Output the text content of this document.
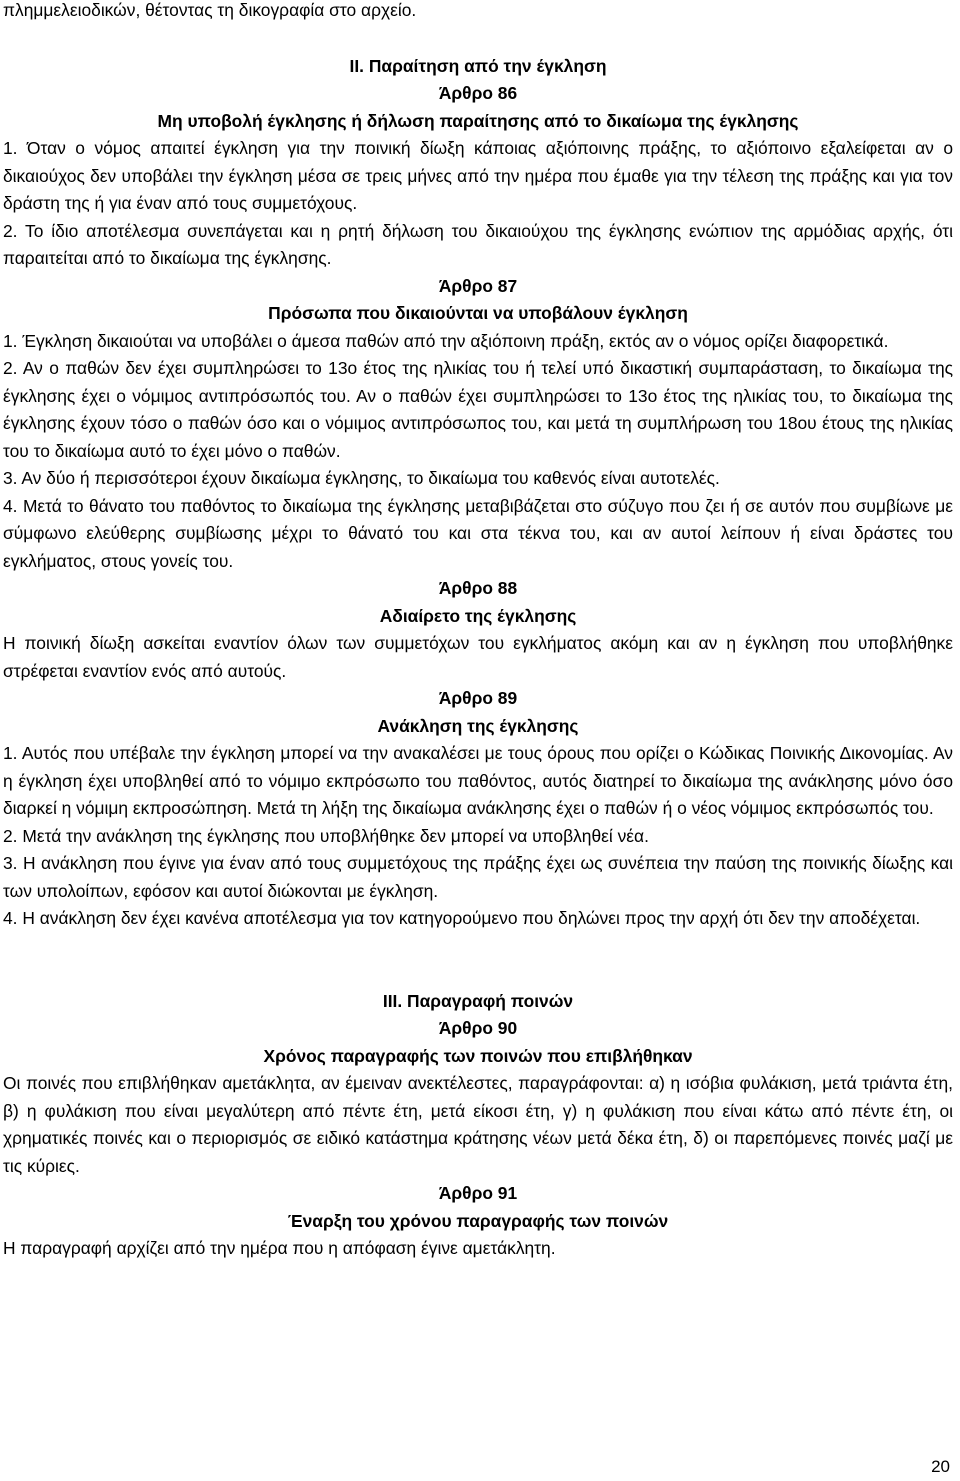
πλημμελειοδικών, θέτοντας τη δικογραφία στο αρχείο.

ΙΙ. Παραίτηση από την έγκληση

Άρθρο 86

Μη υποβολή έγκλησης ή δήλωση παραίτησης από το δικαίωμα της έγκλησης

1. Όταν ο νόμος απαιτεί έγκληση για την ποινική δίωξη κάποιας αξιόποινης πράξης, το αξιόποινο εξαλείφεται αν ο δικαιούχος δεν υποβάλει την έγκληση μέσα σε τρεις μήνες από την ημέρα που έμαθε για την τέλεση της πράξης και για τον δράστη της ή για έναν από τους συμμετόχους.

2. Το ίδιο αποτέλεσμα συνεπάγεται και η ρητή δήλωση του δικαιούχου της έγκλησης ενώπιον της αρμόδιας αρχής, ότι παραιτείται από το δικαίωμα της έγκλησης.

Άρθρο 87

Πρόσωπα που δικαιούνται να υποβάλουν έγκληση

1. Έγκληση δικαιούται να υποβάλει ο άμεσα παθών από την αξιόποινη πράξη, εκτός αν ο νόμος ορίζει διαφορετικά.

2. Αν ο παθών δεν έχει συμπληρώσει το 13ο έτος της ηλικίας του ή τελεί υπό δικαστική συμπαράσταση, το δικαίωμα της έγκλησης έχει ο νόμιμος αντιπρόσωπός του. Αν ο παθών έχει συμπληρώσει το 13ο έτος της ηλικίας του, το δικαίωμα της έγκλησης έχουν τόσο ο παθών όσο και ο νόμιμος αντιπρόσωπος του, και μετά τη συμπλήρωση του 18ου έτους της ηλικίας του το δικαίωμα αυτό το έχει μόνο ο παθών.

3. Αν δύο ή περισσότεροι έχουν δικαίωμα έγκλησης, το δικαίωμα του καθενός είναι αυτοτελές.

4. Μετά το θάνατο του παθόντος το δικαίωμα της έγκλησης μεταβιβάζεται στο σύζυγο που ζει ή σε αυτόν που συμβίωνε με σύμφωνο ελεύθερης συμβίωσης μέχρι το θάνατό του και στα τέκνα του, και αν αυτοί λείπουν ή είναι δράστες του εγκλήματος, στους γονείς του.

Άρθρο 88

Αδιαίρετο της έγκλησης

Η ποινική δίωξη ασκείται εναντίον όλων των συμμετόχων του εγκλήματος ακόμη και αν η έγκληση που υποβλήθηκε στρέφεται εναντίον ενός από αυτούς.

Άρθρο 89

Ανάκληση της έγκλησης

1. Αυτός που υπέβαλε την έγκληση μπορεί να την ανακαλέσει με τους όρους που ορίζει ο Κώδικας Ποινικής Δικονομίας. Αν η έγκληση έχει υποβληθεί από το νόμιμο εκπρόσωπο του παθόντος, αυτός διατηρεί το δικαίωμα της ανάκλησης μόνο όσο διαρκεί η νόμιμη εκπροσώπηση. Μετά τη λήξη της δικαίωμα ανάκλησης έχει ο παθών ή ο νέος νόμιμος εκπρόσωπός του.

2. Μετά την ανάκληση της έγκλησης που υποβλήθηκε δεν μπορεί να υποβληθεί νέα.

3. Η ανάκληση που έγινε για έναν από τους συμμετόχους της πράξης έχει ως συνέπεια την παύση της ποινικής δίωξης και των υπολοίπων, εφόσον και αυτοί διώκονται με έγκληση.

4. Η ανάκληση δεν έχει κανένα αποτέλεσμα για τον κατηγορούμενο που δηλώνει προς την αρχή ότι δεν την αποδέχεται.

ΙΙΙ. Παραγραφή ποινών

Άρθρο 90

Χρόνος παραγραφής των ποινών που επιβλήθηκαν

Οι ποινές που επιβλήθηκαν αμετάκλητα, αν έμειναν ανεκτέλεστες, παραγράφονται: α) η ισόβια φυλάκιση, μετά τριάντα έτη, β) η φυλάκιση που είναι μεγαλύτερη από πέντε έτη, μετά είκοσι έτη, γ) η φυλάκιση που είναι κάτω από πέντε έτη, οι χρηματικές ποινές και ο περιορισμός σε ειδικό κατάστημα κράτησης νέων μετά δέκα έτη, δ) οι παρεπόμενες ποινές μαζί με τις κύριες.

Άρθρο 91

Έναρξη του χρόνου παραγραφής των ποινών

Η παραγραφή αρχίζει από την ημέρα που η απόφαση έγινε αμετάκλητη.

20
